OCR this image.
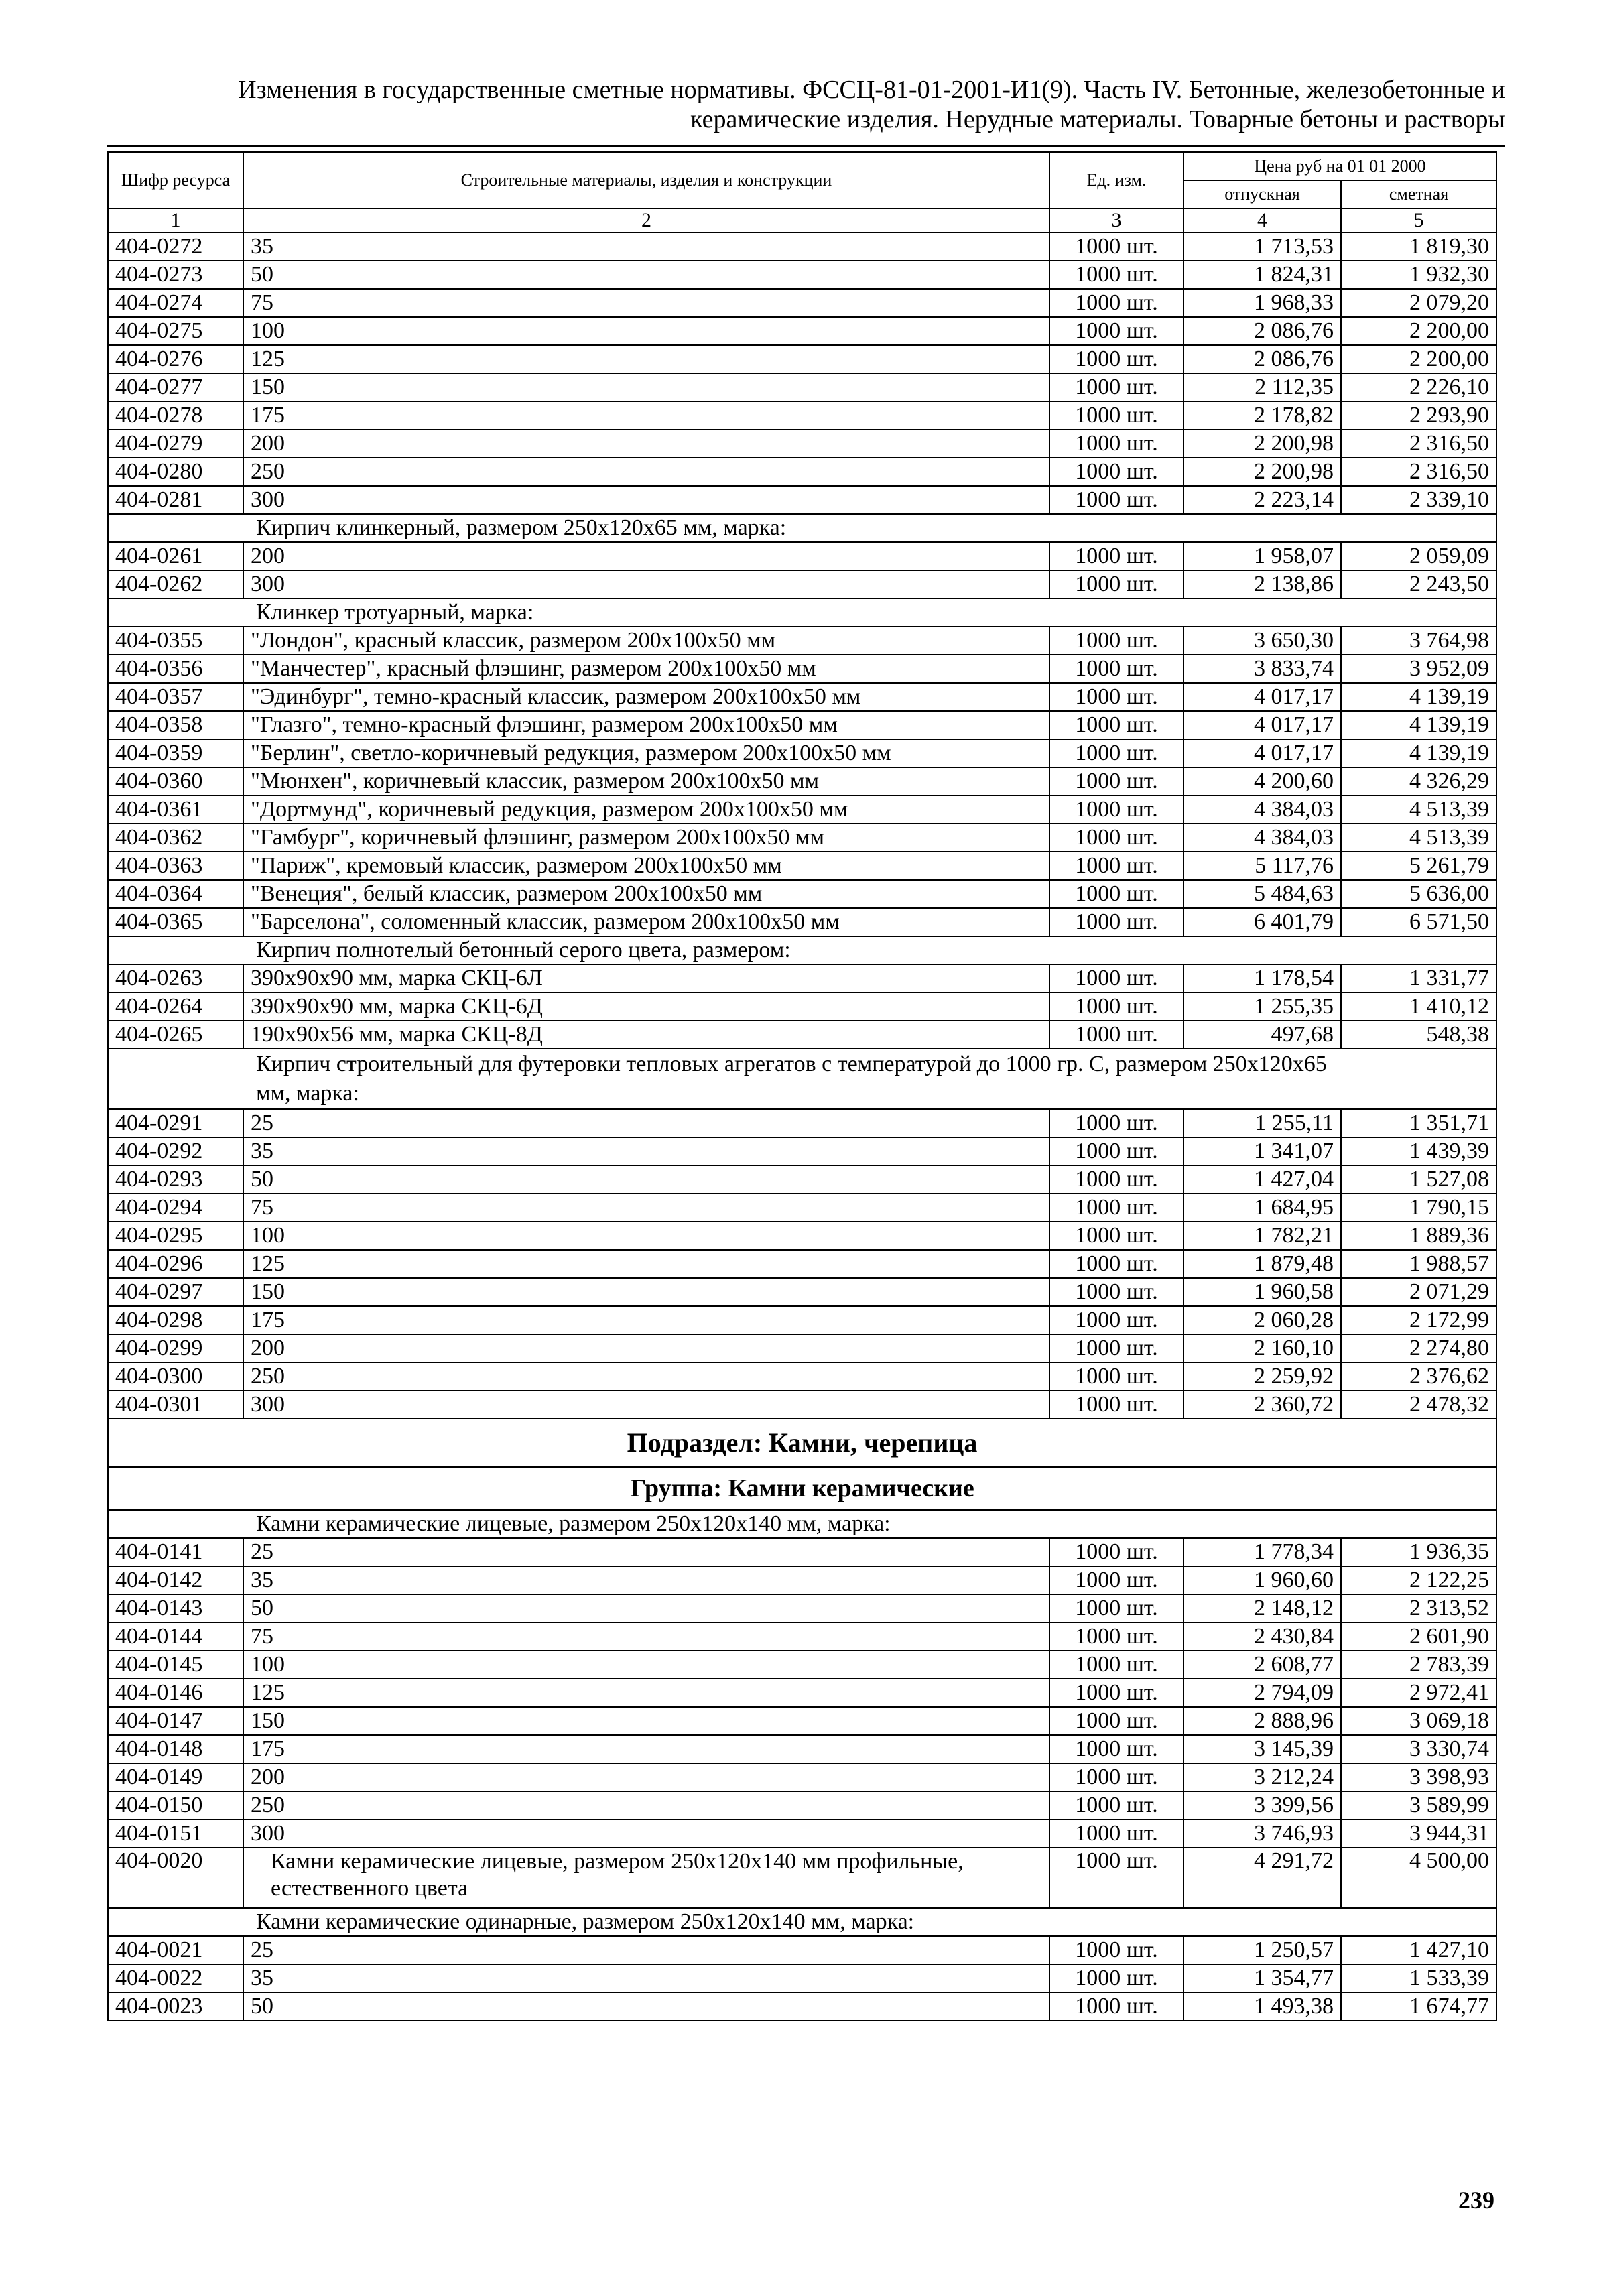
Изменения в государственные сметные нормативы. ФССЦ-81-01-2001-И1(9). Часть IV. Бетонные, железобетонные и
керамические изделия. Нерудные материалы. Товарные бетоны и растворы
Шифр ресурса	Строительные материалы, изделия и конструкции	Ед. изм.	Цена руб на 01 01 2000	
			отпускная	сметная
1	2	3	4	5
404-0272	35	1000 шт.	1 713,53	1 819,30
404-0273	50	1000 шт.	1 824,31	1 932,30
404-0274	75	1000 шт.	1 968,33	2 079,20
404-0275	100	1000 шт.	2 086,76	2 200,00
404-0276	125	1000 шт.	2 086,76	2 200,00
404-0277	150	1000 шт.	2 112,35	2 226,10
404-0278	175	1000 шт.	2 178,82	2 293,90
404-0279	200	1000 шт.	2 200,98	2 316,50
404-0280	250	1000 шт.	2 200,98	2 316,50
404-0281	300	1000 шт.	2 223,14	2 339,10
Кирпич клинкерный, размером 250х120х65 мм, марка:				
404-0261	200	1000 шт.	1 958,07	2 059,09
404-0262	300	1000 шт.	2 138,86	2 243,50
Клинкер тротуарный, марка:				
404-0355	"Лондон", красный классик, размером 200х100х50 мм	1000 шт.	3 650,30	3 764,98
404-0356	"Манчестер", красный флэшинг, размером 200х100х50 мм	1000 шт.	3 833,74	3 952,09
404-0357	"Эдинбург", темно-красный классик, размером 200х100х50 мм	1000 шт.	4 017,17	4 139,19
404-0358	"Глазго", темно-красный флэшинг, размером 200х100х50 мм	1000 шт.	4 017,17	4 139,19
404-0359	"Берлин", светло-коричневый редукция, размером 200х100х50 мм	1000 шт.	4 017,17	4 139,19
404-0360	"Мюнхен", коричневый классик, размером 200х100х50 мм	1000 шт.	4 200,60	4 326,29
404-0361	"Дортмунд", коричневый редукция, размером 200х100х50 мм	1000 шт.	4 384,03	4 513,39
404-0362	"Гамбург", коричневый флэшинг, размером 200х100х50 мм	1000 шт.	4 384,03	4 513,39
404-0363	"Париж", кремовый классик, размером 200х100х50 мм	1000 шт.	5 117,76	5 261,79
404-0364	"Венеция", белый классик, размером 200х100х50 мм	1000 шт.	5 484,63	5 636,00
404-0365	"Барселона", соломенный классик, размером 200х100х50 мм	1000 шт.	6 401,79	6 571,50
Кирпич полнотелый бетонный серого цвета, размером:				
404-0263	390х90х90 мм, марка СКЦ-6Л	1000 шт.	1 178,54	1 331,77
404-0264	390х90х90 мм, марка СКЦ-6Д	1000 шт.	1 255,35	1 410,12
404-0265	190х90х56 мм, марка СКЦ-8Д	1000 шт.	497,68	548,38
Кирпич строительный для футеровки тепловых агрегатов с температурой до 1000 гр. С, размером 250х120х65 мм, марка:				
404-0291	25	1000 шт.	1 255,11	1 351,71
404-0292	35	1000 шт.	1 341,07	1 439,39
404-0293	50	1000 шт.	1 427,04	1 527,08
404-0294	75	1000 шт.	1 684,95	1 790,15
404-0295	100	1000 шт.	1 782,21	1 889,36
404-0296	125	1000 шт.	1 879,48	1 988,57
404-0297	150	1000 шт.	1 960,58	2 071,29
404-0298	175	1000 шт.	2 060,28	2 172,99
404-0299	200	1000 шт.	2 160,10	2 274,80
404-0300	250	1000 шт.	2 259,92	2 376,62
404-0301	300	1000 шт.	2 360,72	2 478,32
Подраздел: Камни, черепица				
Группа: Камни керамические				
Камни керамические лицевые, размером 250х120х140 мм, марка:				
404-0141	25	1000 шт.	1 778,34	1 936,35
404-0142	35	1000 шт.	1 960,60	2 122,25
404-0143	50	1000 шт.	2 148,12	2 313,52
404-0144	75	1000 шт.	2 430,84	2 601,90
404-0145	100	1000 шт.	2 608,77	2 783,39
404-0146	125	1000 шт.	2 794,09	2 972,41
404-0147	150	1000 шт.	2 888,96	3 069,18
404-0148	175	1000 шт.	3 145,39	3 330,74
404-0149	200	1000 шт.	3 212,24	3 398,93
404-0150	250	1000 шт.	3 399,56	3 589,99
404-0151	300	1000 шт.	3 746,93	3 944,31
404-0020	Камни керамические лицевые, размером 250х120х140 мм профильные, естественного цвета	1000 шт.	4 291,72	4 500,00
Камни керамические одинарные, размером 250х120х140 мм, марка:				
404-0021	25	1000 шт.	1 250,57	1 427,10
404-0022	35	1000 шт.	1 354,77	1 533,39
404-0023	50	1000 шт.	1 493,38	1 674,77
239
